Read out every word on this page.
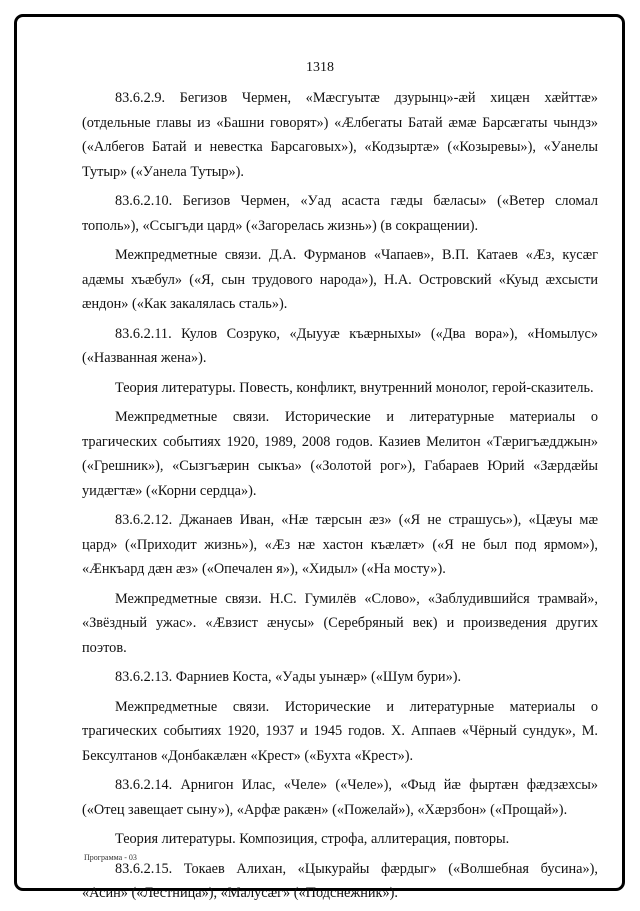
1318

83.6.2.9. Бегизов Чермен, «Мæсгуытæ дзурынц»-æй хицæн хæйттæ» (отдельные главы из «Башни говорят») «Æлбегаты Батай æмæ Барсæгаты чындз» («Албегов Батай и невестка Барсаговых»), «Кодзыртæ» («Козыревы»), «Уанелы Тутыр» («Уанела Тутыр»).

83.6.2.10. Бегизов Чермен, «Уад асаста гæды бæласы» («Ветер сломал тополь»), «Ссыгъди цард» («Загорелась жизнь») (в сокращении).

Межпредметные связи. Д.А. Фурманов «Чапаев», В.П. Катаев «Æз, кусæг адæмы хъæбул» («Я, сын трудового народа»), Н.А. Островский «Куыд æхсысти æндон» («Как закалялась сталь»).

83.6.2.11. Кулов Созруко, «Дыууæ къæрныхы» («Два вора»), «Номылус» («Названная жена»).

Теория литературы. Повесть, конфликт, внутренний монолог, герой-сказитель.

Межпредметные связи. Исторические и литературные материалы о трагических событиях 1920, 1989, 2008 годов. Казиев Мелитон «Тæригъæдджын» («Грешник»), «Сызгъæрин сыкъа» («Золотой рог»), Габараев Юрий «Зæрдæйы уидæгтæ» («Корни сердца»).

83.6.2.12. Джанаев Иван, «Нæ тæрсын æз» («Я не страшусь»), «Цæуы мæ цард» («Приходит жизнь»), «Æз нæ хастон къæлæт» («Я не был под ярмом»), «Æнкъард дæн æз» («Опечален я»), «Хидыл» («На мосту»).

Межпредметные связи. Н.С. Гумилёв «Слово», «Заблудившийся трамвай», «Звёздный ужас». «Æвзист æнусы» (Серебряный век) и произведения других поэтов.

83.6.2.13. Фарниев Коста, «Уады уынæр» («Шум бури»).

Межпредметные связи. Исторические и литературные материалы о трагических событиях 1920, 1937 и 1945 годов. Х. Аппаев «Чёрный сундук», М. Бексултанов «Донбакæлæн «Крест» («Бухта «Крест»).

83.6.2.14. Арнигон Илас, «Челе» («Челе»), «Фыд йæ фыртæн фæдзæхсы» («Отец завещает сыну»), «Арфæ ракæн» («Пожелай»), «Хæрзбон» («Прощай»).

Теория литературы. Композиция, строфа, аллитерация, повторы.

83.6.2.15. Токаев Алихан, «Цыкурайы фæрдыг» («Волшебная бусина»), «Асин» («Лестница»), «Малусæг» («Подснежник»).

Программа - 03
